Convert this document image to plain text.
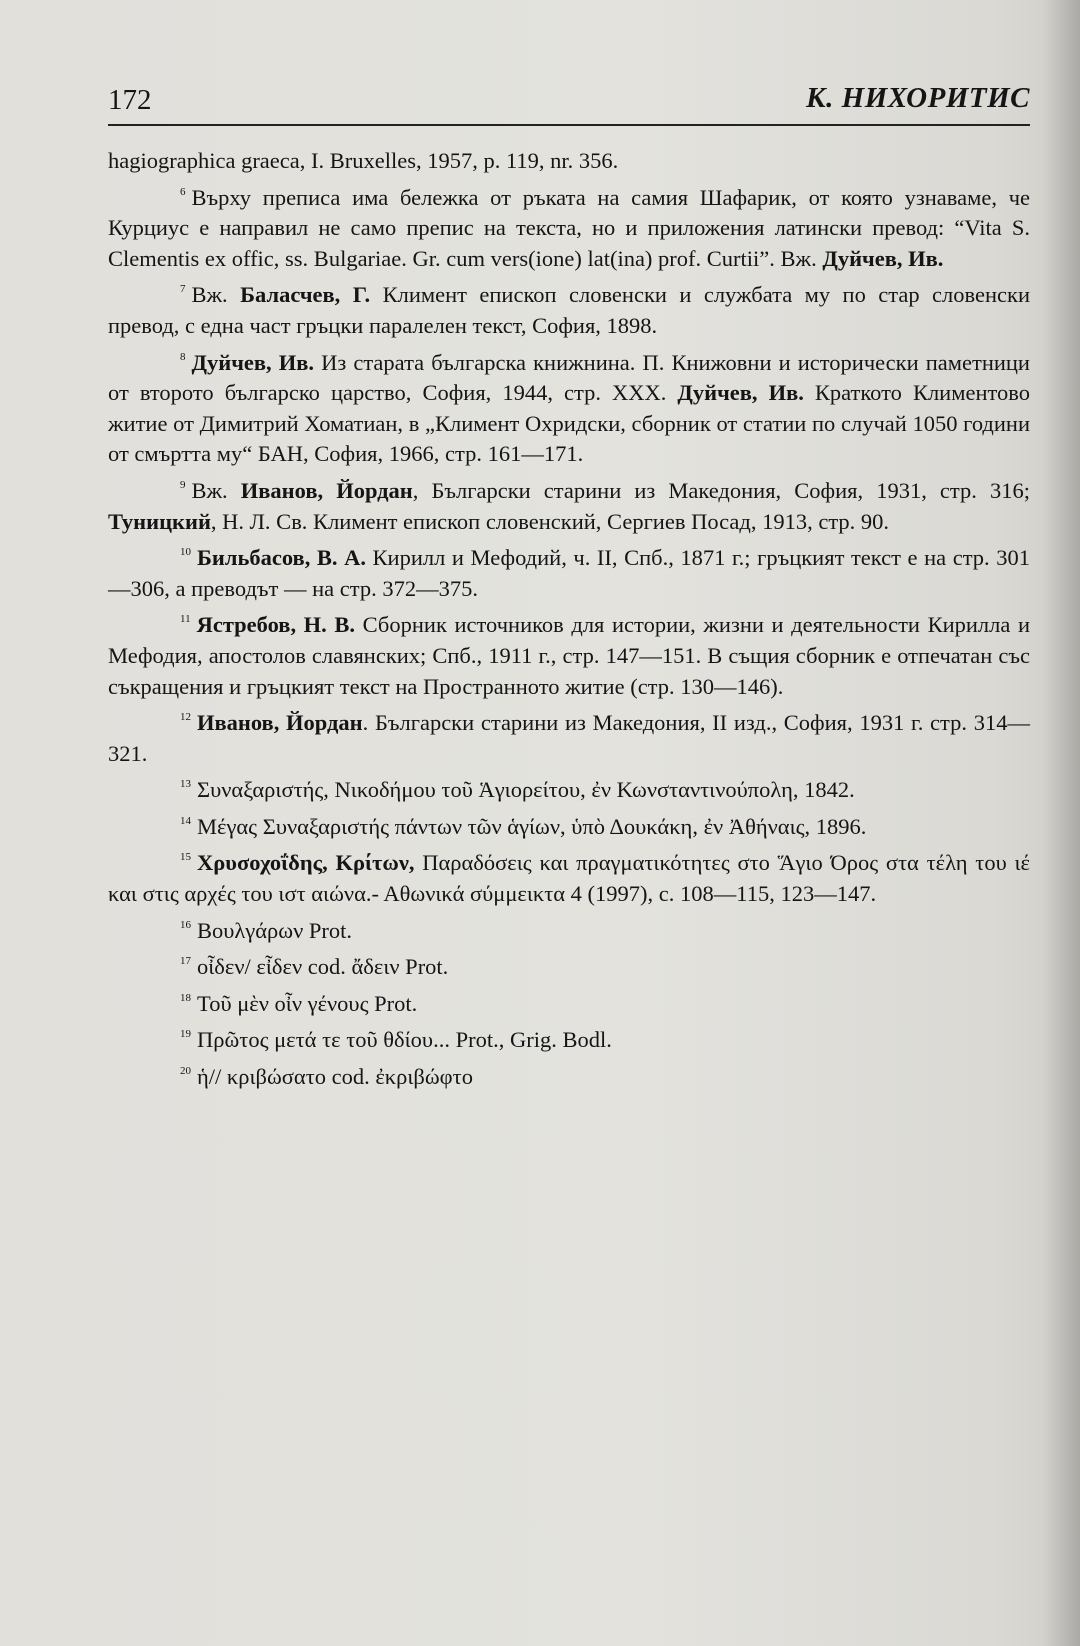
172	К. НИХОРИТИС

hagiographica graeca, I. Bruxelles, 1957, p. 119, nr. 356.

$^6$ Върху преписа има бележка от ръката на самия Шафарик, от която узнаваме, че Курциус е направил не само препис на текста, но и приложения латински превод: “Vita S. Clementis ex offic, ss. Bulgariae. Gr. cum vers(ione) lat(ina) prof. Curtii”. Вж. Дуйчев, Ив.

$^7$ Вж. Баласчев, Г. Климент епископ словенски и службата му по стар словенски превод, с една част гръцки паралелен текст, София, 1898.

$^8$ Дуйчев, Ив. Из старата българска книжнина. П. Книжовни и исторически паметници от второто българско царство, София, 1944, стр. XXX. Дуйчев, Ив. Краткото Климентово житие от Димитрий Хоматиан, в „Климент Охридски, сборник от статии по случай 1050 години от смъртта му“ БАН, София, 1966, стр. 161—171.

$^9$ Вж. Иванов, Йордан, Български старини из Македония, София, 1931, стр. 316; Туницкий, Н. Л. Св. Климент епископ словенский, Сергиев Посад, 1913, стр. 90.

$^{10}$ Бильбасов, В. А. Кирилл и Мефодий, ч. II, Спб., 1871 г.; гръцкият текст е на стр. 301—306, а преводът — на стр. 372—375.

$^{11}$ Ястребов, Н. В. Сборник источников для истории, жизни и деятельности Кирилла и Мефодия, апостолов славянских; Спб., 1911 г., стр. 147—151. В същия сборник е отпечатан със съкращения и гръцкият текст на Пространното житие (стр. 130—146).

$^{12}$ Иванов, Йордан. Български старини из Македония, II изд., София, 1931 г. стр. 314—321.

$^{13}$ Συναξαριστής, Νικοδήμου τοῦ Ἁγιορείτου, ἐν Κωνσταντινούπολη, 1842.

$^{14}$ Μέγας Συναξαριστής πάντων τῶν ἁγίων, ὑπὸ Δουκάκη, ἐν Ἀθήναις, 1896.

$^{15}$ Χρυσοχοΐδης, Κρίτων, Παραδόσεις και πραγματικότητες στο Ἅγιο Όρος στα τέλη του ιέ και στις αρχές του ιστ αιώνα.- Αθωνικά σύμμεικτα 4 (1997), с. 108—115, 123—147.

$^{16}$ Βουλγάρων Prot.

$^{17}$ οἶδεν/ εἶδεν cod. ἄδειν Prot.

$^{18}$ Τοῦ μὲν οἶν γένους Prot.

$^{19}$ Πρῶτος μετά τε τοῦ θδίου... Prot., Grig. Bodl.

$^{20}$ ἡ// κριβώσατο cod. ἐκριβώφτο
